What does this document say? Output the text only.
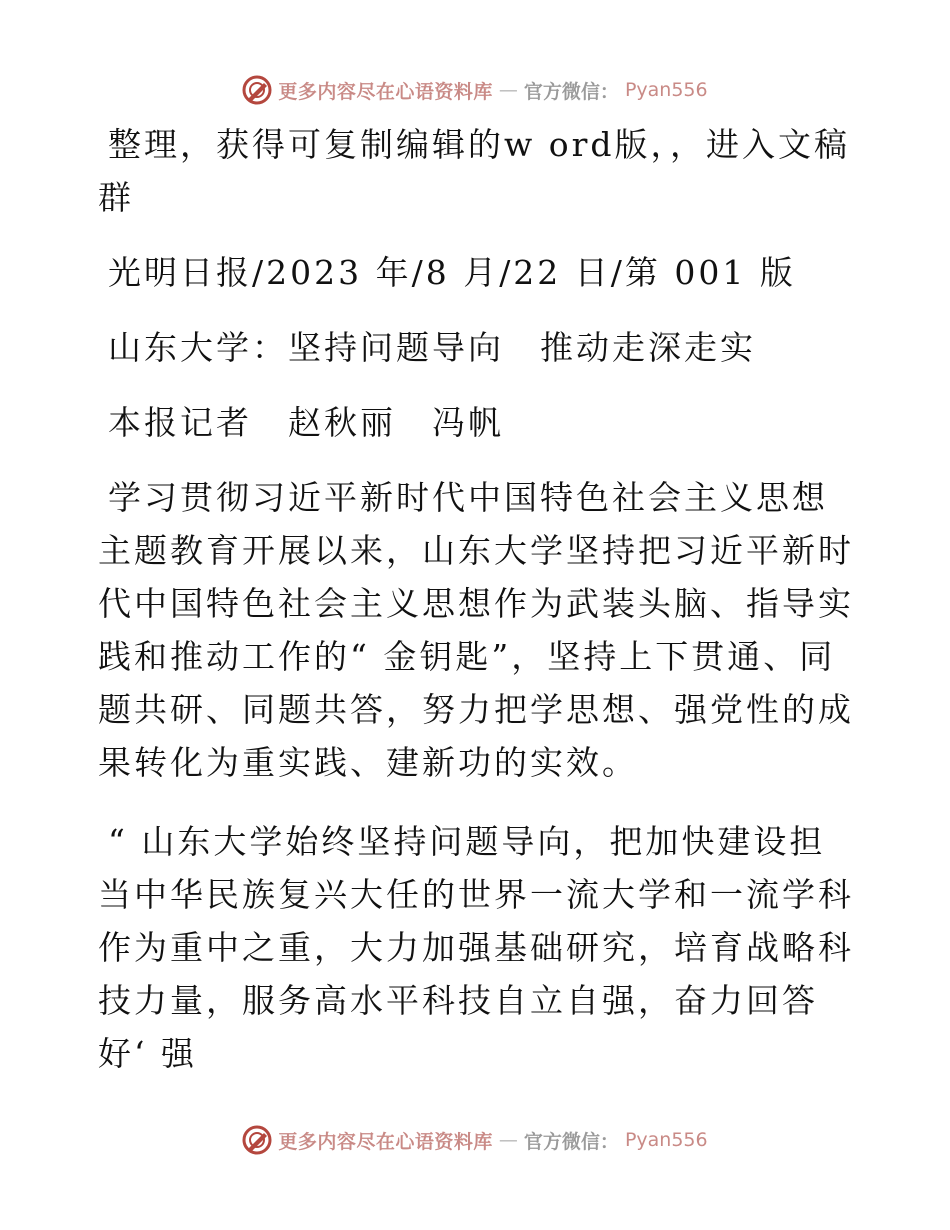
更多内容尽在心语资料库 — 官方微信： Pyan556

整理，获得可复制编辑的w ord版，，进入文稿群

光明日报/2023 年/8 月/22 日/第 001 版

山东大学：坚持问题导向　推动走深走实

本报记者　赵秋丽　冯帆

学习贯彻习近平新时代中国特色社会主义思想主题教育开展以来，山东大学坚持把习近平新时代中国特色社会主义思想作为武装头脑、指导实践和推动工作的“ 金钥匙”，坚持上下贯通、同题共研、同题共答，努力把学思想、强党性的成果转化为重实践、建新功的实效。

“ 山东大学始终坚持问题导向，把加快建设担当中华民族复兴大任的世界一流大学和一流学科作为重中之重，大力加强基础研究，培育战略科技力量，服务高水平科技自立自强，奋力回答好‘ 强

更多内容尽在心语资料库 — 官方微信： Pyan556
